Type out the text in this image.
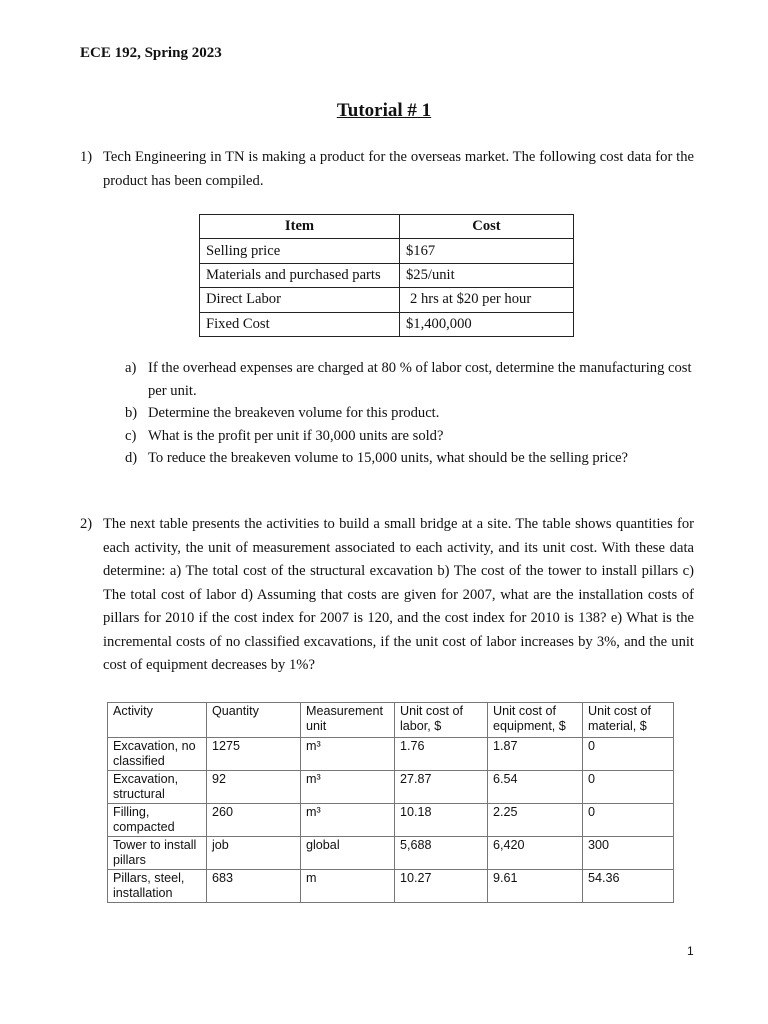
ECE 192, Spring 2023
Tutorial # 1
1) Tech Engineering in TN is making a product for the overseas market. The following cost data for the product has been compiled.
Item	Cost
Selling price	$167
Materials and purchased parts	$25/unit
Direct Labor	2 hrs at $20 per hour
Fixed Cost	$1,400,000
a) If the overhead expenses are charged at 80 % of labor cost, determine the manufacturing cost per unit.
b) Determine the breakeven volume for this product.
c) What is the profit per unit if 30,000 units are sold?
d) To reduce the breakeven volume to 15,000 units, what should be the selling price?
2) The next table presents the activities to build a small bridge at a site. The table shows quantities for each activity, the unit of measurement associated to each activity, and its unit cost. With these data determine: a) The total cost of the structural excavation b) The cost of the tower to install pillars c) The total cost of labor d) Assuming that costs are given for 2007, what are the installation costs of pillars for 2010 if the cost index for 2007 is 120, and the cost index for 2010 is 138? e) What is the incremental costs of no classified excavations, if the unit cost of labor increases by 3%, and the unit cost of equipment decreases by 1%?
Activity	Quantity	Measurement unit	Unit cost of labor, $	Unit cost of equipment, $	Unit cost of material, $
Excavation, no classified	1275	m³	1.76	1.87	0
Excavation, structural	92	m³	27.87	6.54	0
Filling, compacted	260	m³	10.18	2.25	0
Tower to install pillars	job	global	5,688	6,420	300
Pillars, steel, installation	683	m	10.27	9.61	54.36
1
